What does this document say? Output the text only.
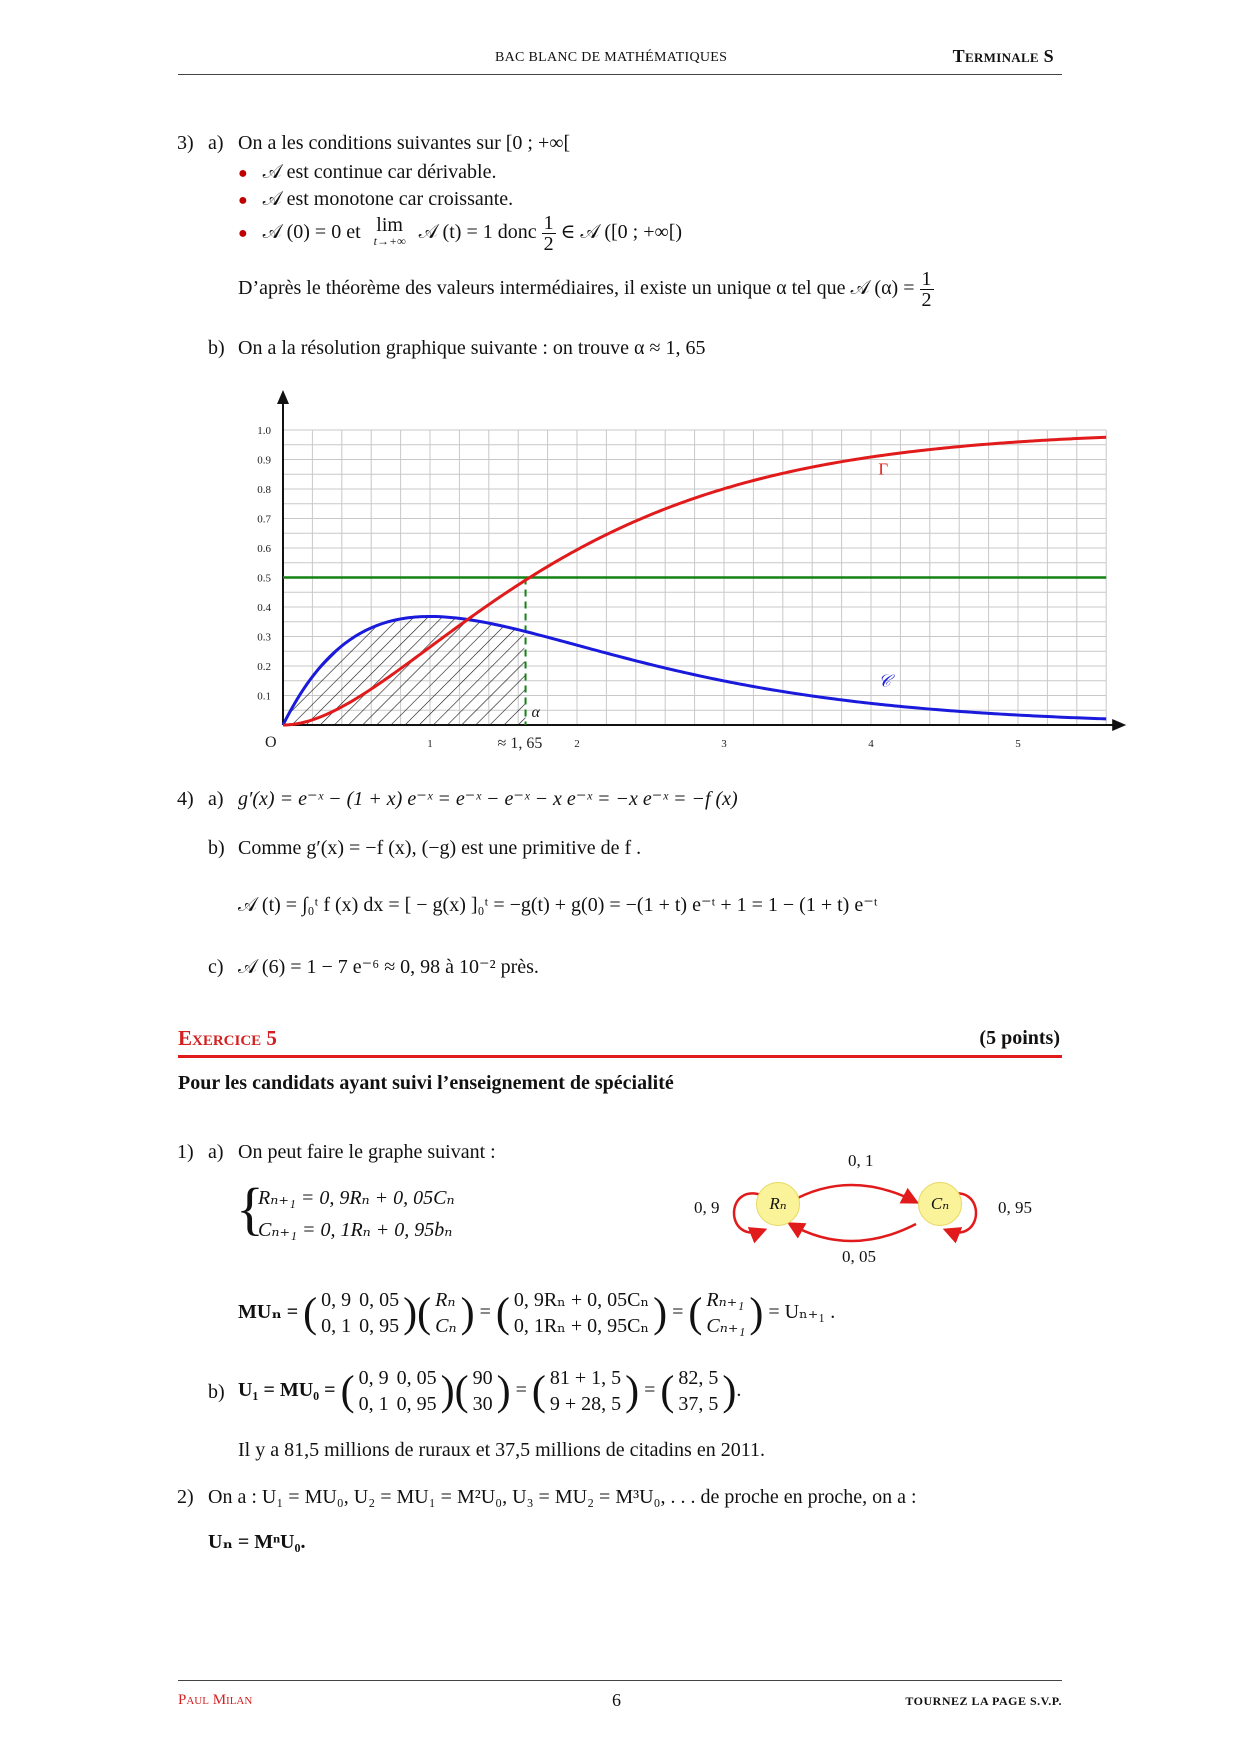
BAC BLANC DE MATHÉMATIQUES	Terminale S
3) a) On a les conditions suivantes sur [0 ; +∞[
● 𝒜 est continue car dérivable.
● 𝒜 est monotone car croissante.
● 𝒜 (0) = 0 et lim
t→+∞ 𝒜 (t) = 1 donc $\frac{1}{2}$ ∈ 𝒜 ([0 ; +∞[)
D’après le théorème des valeurs intermédiaires, il existe un unique α tel que 𝒜 $(\alpha) = \frac{1}{2}$
b) On a la résolution graphique suivante : on trouve α ≈ 1, 65
0.1
0.2
0.3
0.4
0.5
0.6
0.7
0.8
0.9
1.0
1	2	3	4	5
O
α
≈ 1, 65
Γ
𝒞
4) a) g′(x) = e⁻ˣ − (1 + x) e⁻ˣ = e⁻ˣ − e⁻ˣ − x e⁻ˣ = −x e⁻ˣ = −f (x)
b) Comme g′(x) = −f (x), (−g) est une primitive de f .
𝒜 (t) = ∫₀ᵗ f (x) dx = [ − g(x) ]₀ᵗ = −g(t) + g(0) = −(1 + t) e⁻ᵗ + 1 = 1 − (1 + t) e⁻ᵗ
c) 𝒜 (6) = 1 − 7 e⁻⁶ ≈ 0, 98 à 10⁻² près.
Exercice 5	(5 points)
Pour les candidats ayant suivi l’enseignement de spécialité
1) a) On peut faire le graphe suivant :
{
Rₙ₊₁ = 0, 9Rₙ + 0, 05Cₙ
Cₙ₊₁ = 0, 1Rₙ + 0, 95bₙ
Rₙ	Cₙ
0, 1
0, 05
0, 9	0, 95
MUₙ = ( 0, 9	0, 05
0, 1	0, 95 )( Rₙ
Cₙ ) = ( 0, 9Rₙ + 0, 05Cₙ
0, 1Rₙ + 0, 95Cₙ ) = ( Rₙ₊₁
Cₙ₊₁ ) = Uₙ₊₁ .
b) U₁ = MU₀ = ( 0, 9	0, 05
0, 1	0, 95 )( 90
30 ) = ( 81 + 1, 5
9 + 28, 5 ) = ( 82, 5
37, 5 ).
Il y a 81,5 millions de ruraux et 37,5 millions de citadins en 2011.
2) On a : U₁ = MU₀, U₂ = MU₁ = M²U₀, U₃ = MU₂ = M³U₀, . . . de proche en proche, on a :
Uₙ = MⁿU₀.
Paul Milan	6	TOURNEZ LA PAGE S.V.P.
